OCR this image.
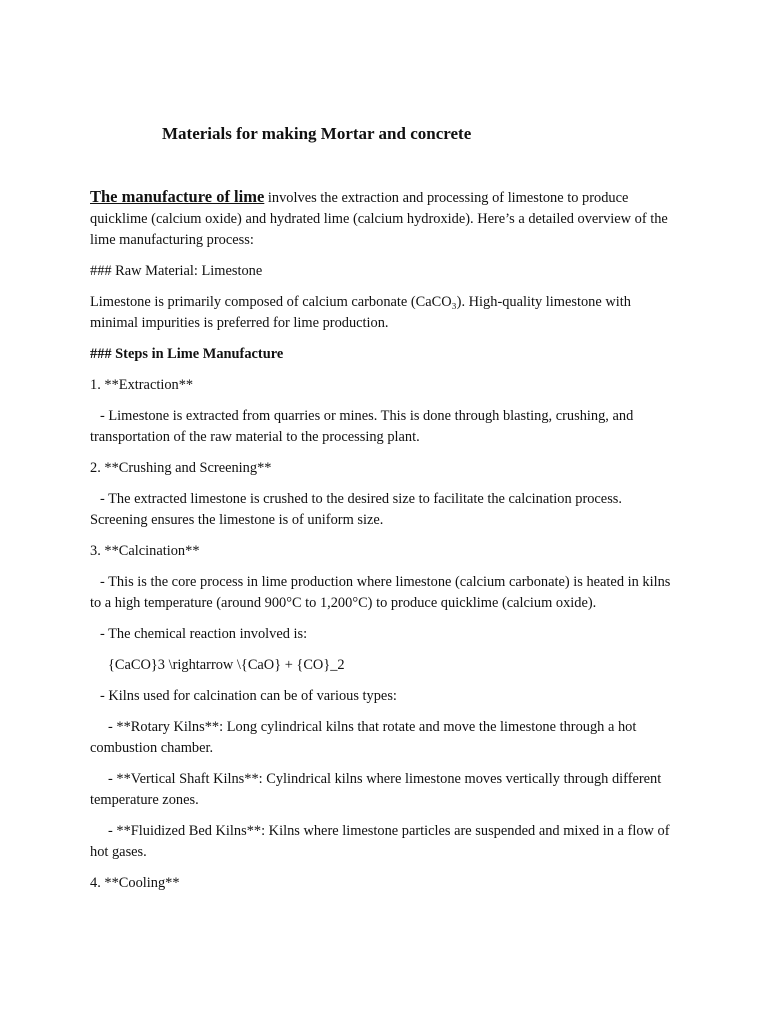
Materials for making Mortar and concrete

The manufacture of lime involves the extraction and processing of limestone to produce quicklime (calcium oxide) and hydrated lime (calcium hydroxide). Here’s a detailed overview of the lime manufacturing process:

### Raw Material: Limestone

Limestone is primarily composed of calcium carbonate (CaCO₃). High-quality limestone with minimal impurities is preferred for lime production.

### Steps in Lime Manufacture

1. **Extraction**

- Limestone is extracted from quarries or mines. This is done through blasting, crushing, and transportation of the raw material to the processing plant.

2. **Crushing and Screening**

- The extracted limestone is crushed to the desired size to facilitate the calcination process. Screening ensures the limestone is of uniform size.

3. **Calcination**

- This is the core process in lime production where limestone (calcium carbonate) is heated in kilns to a high temperature (around 900°C to 1,200°C) to produce quicklime (calcium oxide).

- The chemical reaction involved is:

{CaCO}3 \rightarrow \{CaO} + {CO}_2

- Kilns used for calcination can be of various types:

- **Rotary Kilns**: Long cylindrical kilns that rotate and move the limestone through a hot combustion chamber.

- **Vertical Shaft Kilns**: Cylindrical kilns where limestone moves vertically through different temperature zones.

- **Fluidized Bed Kilns**: Kilns where limestone particles are suspended and mixed in a flow of hot gases.

4. **Cooling**
